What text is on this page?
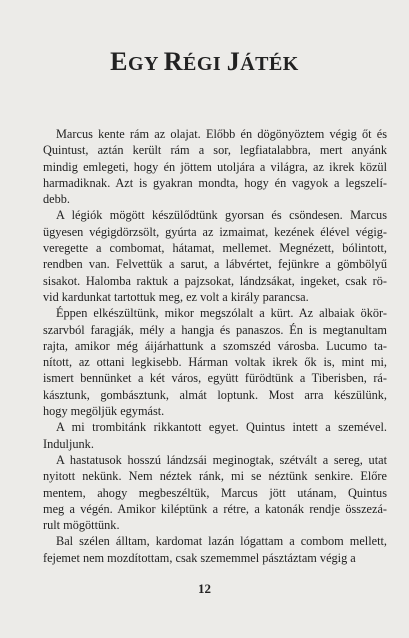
EGY RÉGI JÁTÉK

Marcus kente rám az olajat. Előbb én dögönyöztem végig őt és
Quintust, aztán került rám a sor, legfiatalabbra, mert anyánk
mindig emlegeti, hogy én jöttem utoljára a világra, az ikrek közül
harmadiknak. Azt is gyakran mondta, hogy én vagyok a legszelí-
debb.

A légiók mögött készülődtünk gyorsan és csöndesen. Marcus
ügyesen végigdörzsölt, gyúrta az izmaimat, kezének élével végig-
veregette a combomat, hátamat, mellemet. Megnézett, bólintott,
rendben van. Felvettük a sarut, a lábvértet, fejünkre a gömbölyű
sisakot. Halomba raktuk a pajzsokat, lándzsákat, ingeket, csak rö-
vid kardunkat tartottuk meg, ez volt a király parancsa.

Éppen elkészültünk, mikor megszólalt a kürt. Az albaiak ökör-
szarvból faragják, mély a hangja és panaszos. Én is megtanultam
rajta, amikor még áijárhattunk a szomszéd városba. Lucumo ta-
nított, az ottani legkisebb. Hárman voltak ikrek ők is, mint mi,
ismert bennünket a két város, együtt fürödtünk a Tiberisben, rá-
kásztunk, gombásztunk, almát loptunk. Most arra készülünk,
hogy megöljük egymást.

A mi trombitánk rikkantott egyet. Quintus intett a szemével.
Induljunk.

A hastatusok hosszú lándzsái meginogtak, szétvált a sereg, utat
nyitott nekünk. Nem néztek ránk, mi se néztünk senkire. Előre
mentem, ahogy megbeszéltük, Marcus jött utánam, Quintus
meg a végén. Amikor kiléptünk a rétre, a katonák rendje összezá-
rult mögöttünk.

Bal szélen álltam, kardomat lazán lógattam a combom mellett,
fejemet nem mozdítottam, csak szememmel pásztáztam végig a

12
